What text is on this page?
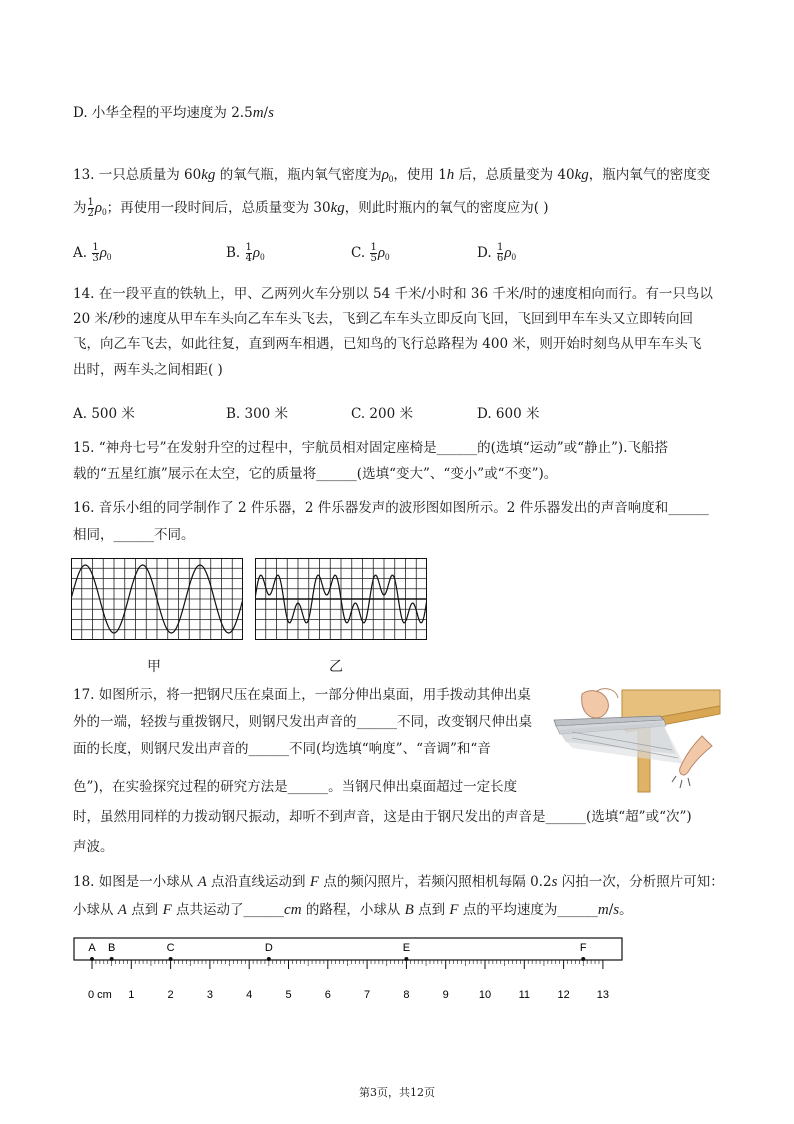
D. 小华全程的平均速度为 2.5m/s
13. 一只总质量为 60kg 的氧气瓶，瓶内氧气密度为$\rho_0$，使用 1h 后，总质量变为 40kg，瓶内氧气的密度变
为 $\frac{1}{2} \rho_0$；再使用一段时间后，总质量变为 30kg，则此时瓶内的氧气的密度应为( )
A. $\frac{1}{3} \rho_0$	B. $\frac{1}{4} \rho_0$	C. $\frac{1}{5} \rho_0$	D. $\frac{1}{6} \rho_0$
14. 在一段平直的铁轨上，甲、乙两列火车分别以 54 千米/小时和 36 千米/时的速度相向而行。有一只鸟以
20 米/秒的速度从甲车车头向乙车车头飞去，飞到乙车车头立即反向飞回，飞回到甲车车头又立即转向回
飞，向乙车飞去，如此往复，直到两车相遇，已知鸟的飞行总路程为 400 米，则开始时刻鸟从甲车车头飞
出时，两车头之间相距( )
A. 500 米	B. 300 米	C. 200 米	D. 600 米
15. “神舟七号”在发射升空的过程中，宇航员相对固定座椅是______的(选填“运动”或“静止”).飞船搭
载的“五星红旗”展示在太空，它的质量将______(选填“变大”、“变小”或“不变”)。
16. 音乐小组的同学制作了 2 件乐器，2 件乐器发声的波形图如图所示。2 件乐器发出的声音响度和______
相同，______不同。
甲	乙
17. 如图所示，将一把钢尺压在桌面上，一部分伸出桌面，用手拨动其伸出桌
外的一端，轻拨与重拨钢尺，则钢尺发出声音的______不同，改变钢尺伸出桌
面的长度，则钢尺发出声音的______不同(均选填“响度”、“音调”和“音
色”)，在实验探究过程的研究方法是______。当钢尺伸出桌面超过一定长度
时，虽然用同样的力拨动钢尺振动，却听不到声音，这是由于钢尺发出的声音是______(选填“超”或“次”)
声波。
18. 如图是一小球从 A 点沿直线运动到 F 点的频闪照片，若频闪照相机每隔 0.2s 闪拍一次，分析照片可知：
小球从 A 点到 F 点共运动了______cm 的路程，小球从 B 点到 F 点的平均速度为______m/s。
A B	C	D	E	F
0 cm 1	2	3	4	5	6	7	8	9	10 11 12 13
第3页，共12页
